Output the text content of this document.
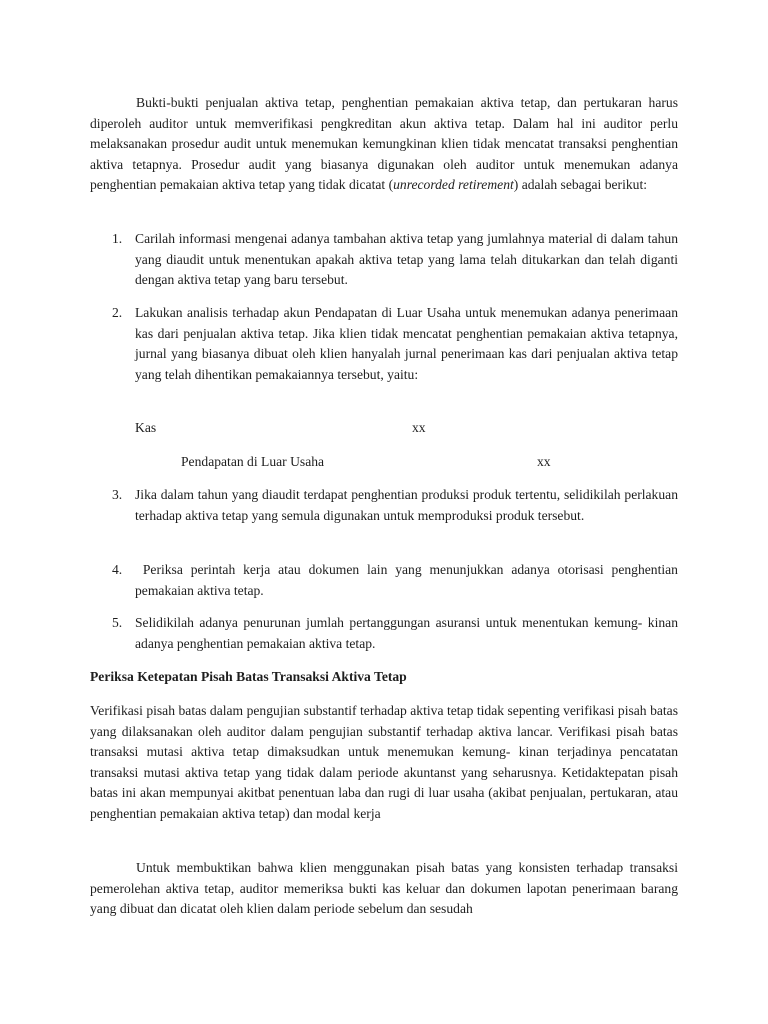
Bukti-bukti penjualan aktiva tetap, penghentian pemakaian aktiva tetap, dan pertukaran harus diperoleh auditor untuk memverifikasi pengkreditan akun aktiva tetap. Dalam hal ini auditor perlu melaksanakan prosedur audit untuk menemukan kemungkinan klien tidak mencatat transaksi penghentian aktiva tetapnya. Prosedur audit yang biasanya digunakan oleh auditor untuk menemukan adanya penghentian pemakaian aktiva tetap yang tidak dicatat (unrecorded retirement) adalah sebagai berikut:

1. Carilah informasi mengenai adanya tambahan aktiva tetap yang jumlahnya material di dalam tahun yang diaudit untuk menentukan apakah aktiva tetap yang lama telah ditukarkan dan telah diganti dengan aktiva tetap yang baru tersebut.
2. Lakukan analisis terhadap akun Pendapatan di Luar Usaha untuk menemukan adanya penerimaan kas dari penjualan aktiva tetap. Jika klien tidak mencatat penghentian pemakaian aktiva tetapnya, jurnal yang biasanya dibuat oleh klien hanyalah jurnal penerimaan kas dari penjualan aktiva tetap yang telah dihentikan pemakaiannya tersebut, yaitu:
Kas	xx
Pendapatan di Luar Usaha	xx
3. Jika dalam tahun yang diaudit terdapat penghentian produksi produk tertentu, selidikilah perlakuan terhadap aktiva tetap yang semula digunakan untuk memproduksi produk tersebut.
4. Periksa perintah kerja atau dokumen lain yang menunjukkan adanya otorisasi penghentian pemakaian aktiva tetap.
5. Selidikilah adanya penurunan jumlah pertanggungan asuransi untuk menentukan kemung- kinan adanya penghentian pemakaian aktiva tetap.
Periksa Ketepatan Pisah Batas Transaksi Aktiva Tetap

Verifikasi pisah batas dalam pengujian substantif terhadap aktiva tetap tidak sepenting verifikasi pisah batas yang dilaksanakan oleh auditor dalam pengujian substantif terhadap aktiva lancar. Verifikasi pisah batas transaksi mutasi aktiva tetap dimaksudkan untuk menemukan kemung- kinan terjadinya pencatatan transaksi mutasi aktiva tetap yang tidak dalam periode akuntanst yang seharusnya. Ketidaktepatan pisah batas ini akan mempunyai akitbat penentuan laba dan rugi di luar usaha (akibat penjualan, pertukaran, atau penghentian pemakaian aktiva tetap) dan modal kerja

Untuk membuktikan bahwa klien menggunakan pisah batas yang konsisten terhadap transaksi pemerolehan aktiva tetap, auditor memeriksa bukti kas keluar dan dokumen lapotan penerimaan barang yang dibuat dan dicatat oleh klien dalam periode sebelum dan sesudah
